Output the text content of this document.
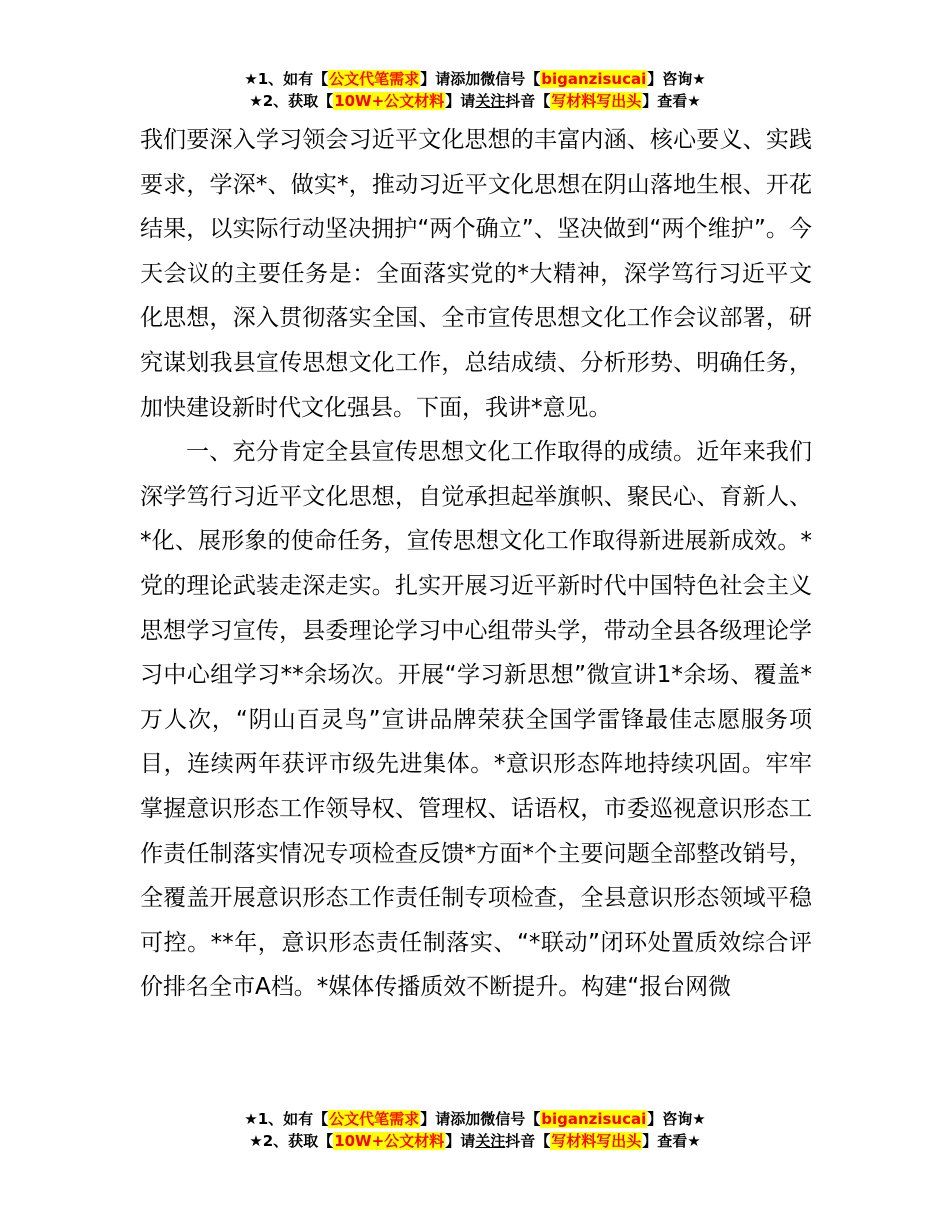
★1、如有【公文代笔需求】请添加微信号【biganzisucai】咨询★
★2、获取【10W+公文材料】请关注抖音【写材料写出头】查看★

我们要深入学习领会习近平文化思想的丰富内涵、核心要义、实践要求，学深*、做实*，推动习近平文化思想在阴山落地生根、开花结果，以实际行动坚决拥护“两个确立”、坚决做到“两个维护”。今天会议的主要任务是：全面落实党的*大精神，深学笃行习近平文化思想，深入贯彻落实全国、全市宣传思想文化工作会议部署，研究谋划我县宣传思想文化工作，总结成绩、分析形势、明确任务，加快建设新时代文化强县。下面，我讲*意见。

一、充分肯定全县宣传思想文化工作取得的成绩。近年来我们深学笃行习近平文化思想，自觉承担起举旗帜、聚民心、育新人、*化、展形象的使命任务，宣传思想文化工作取得新进展新成效。*党的理论武装走深走实。扎实开展习近平新时代中国特色社会主义思想学习宣传，县委理论学习中心组带头学，带动全县各级理论学习中心组学习**余场次。开展“学习新思想”微宣讲1*余场、覆盖*万人次，“阴山百灵鸟”宣讲品牌荣获全国学雷锋最佳志愿服务项目，连续两年获评市级先进集体。*意识形态阵地持续巩固。牢牢掌握意识形态工作领导权、管理权、话语权，市委巡视意识形态工作责任制落实情况专项检查反馈*方面*个主要问题全部整改销号，全覆盖开展意识形态工作责任制专项检查，全县意识形态领域平稳可控。**年，意识形态责任制落实、“*联动”闭环处置质效综合评价排名全市A档。*媒体传播质效不断提升。构建“报台网微

★1、如有【公文代笔需求】请添加微信号【biganzisucai】咨询★
★2、获取【10W+公文材料】请关注抖音【写材料写出头】查看★
